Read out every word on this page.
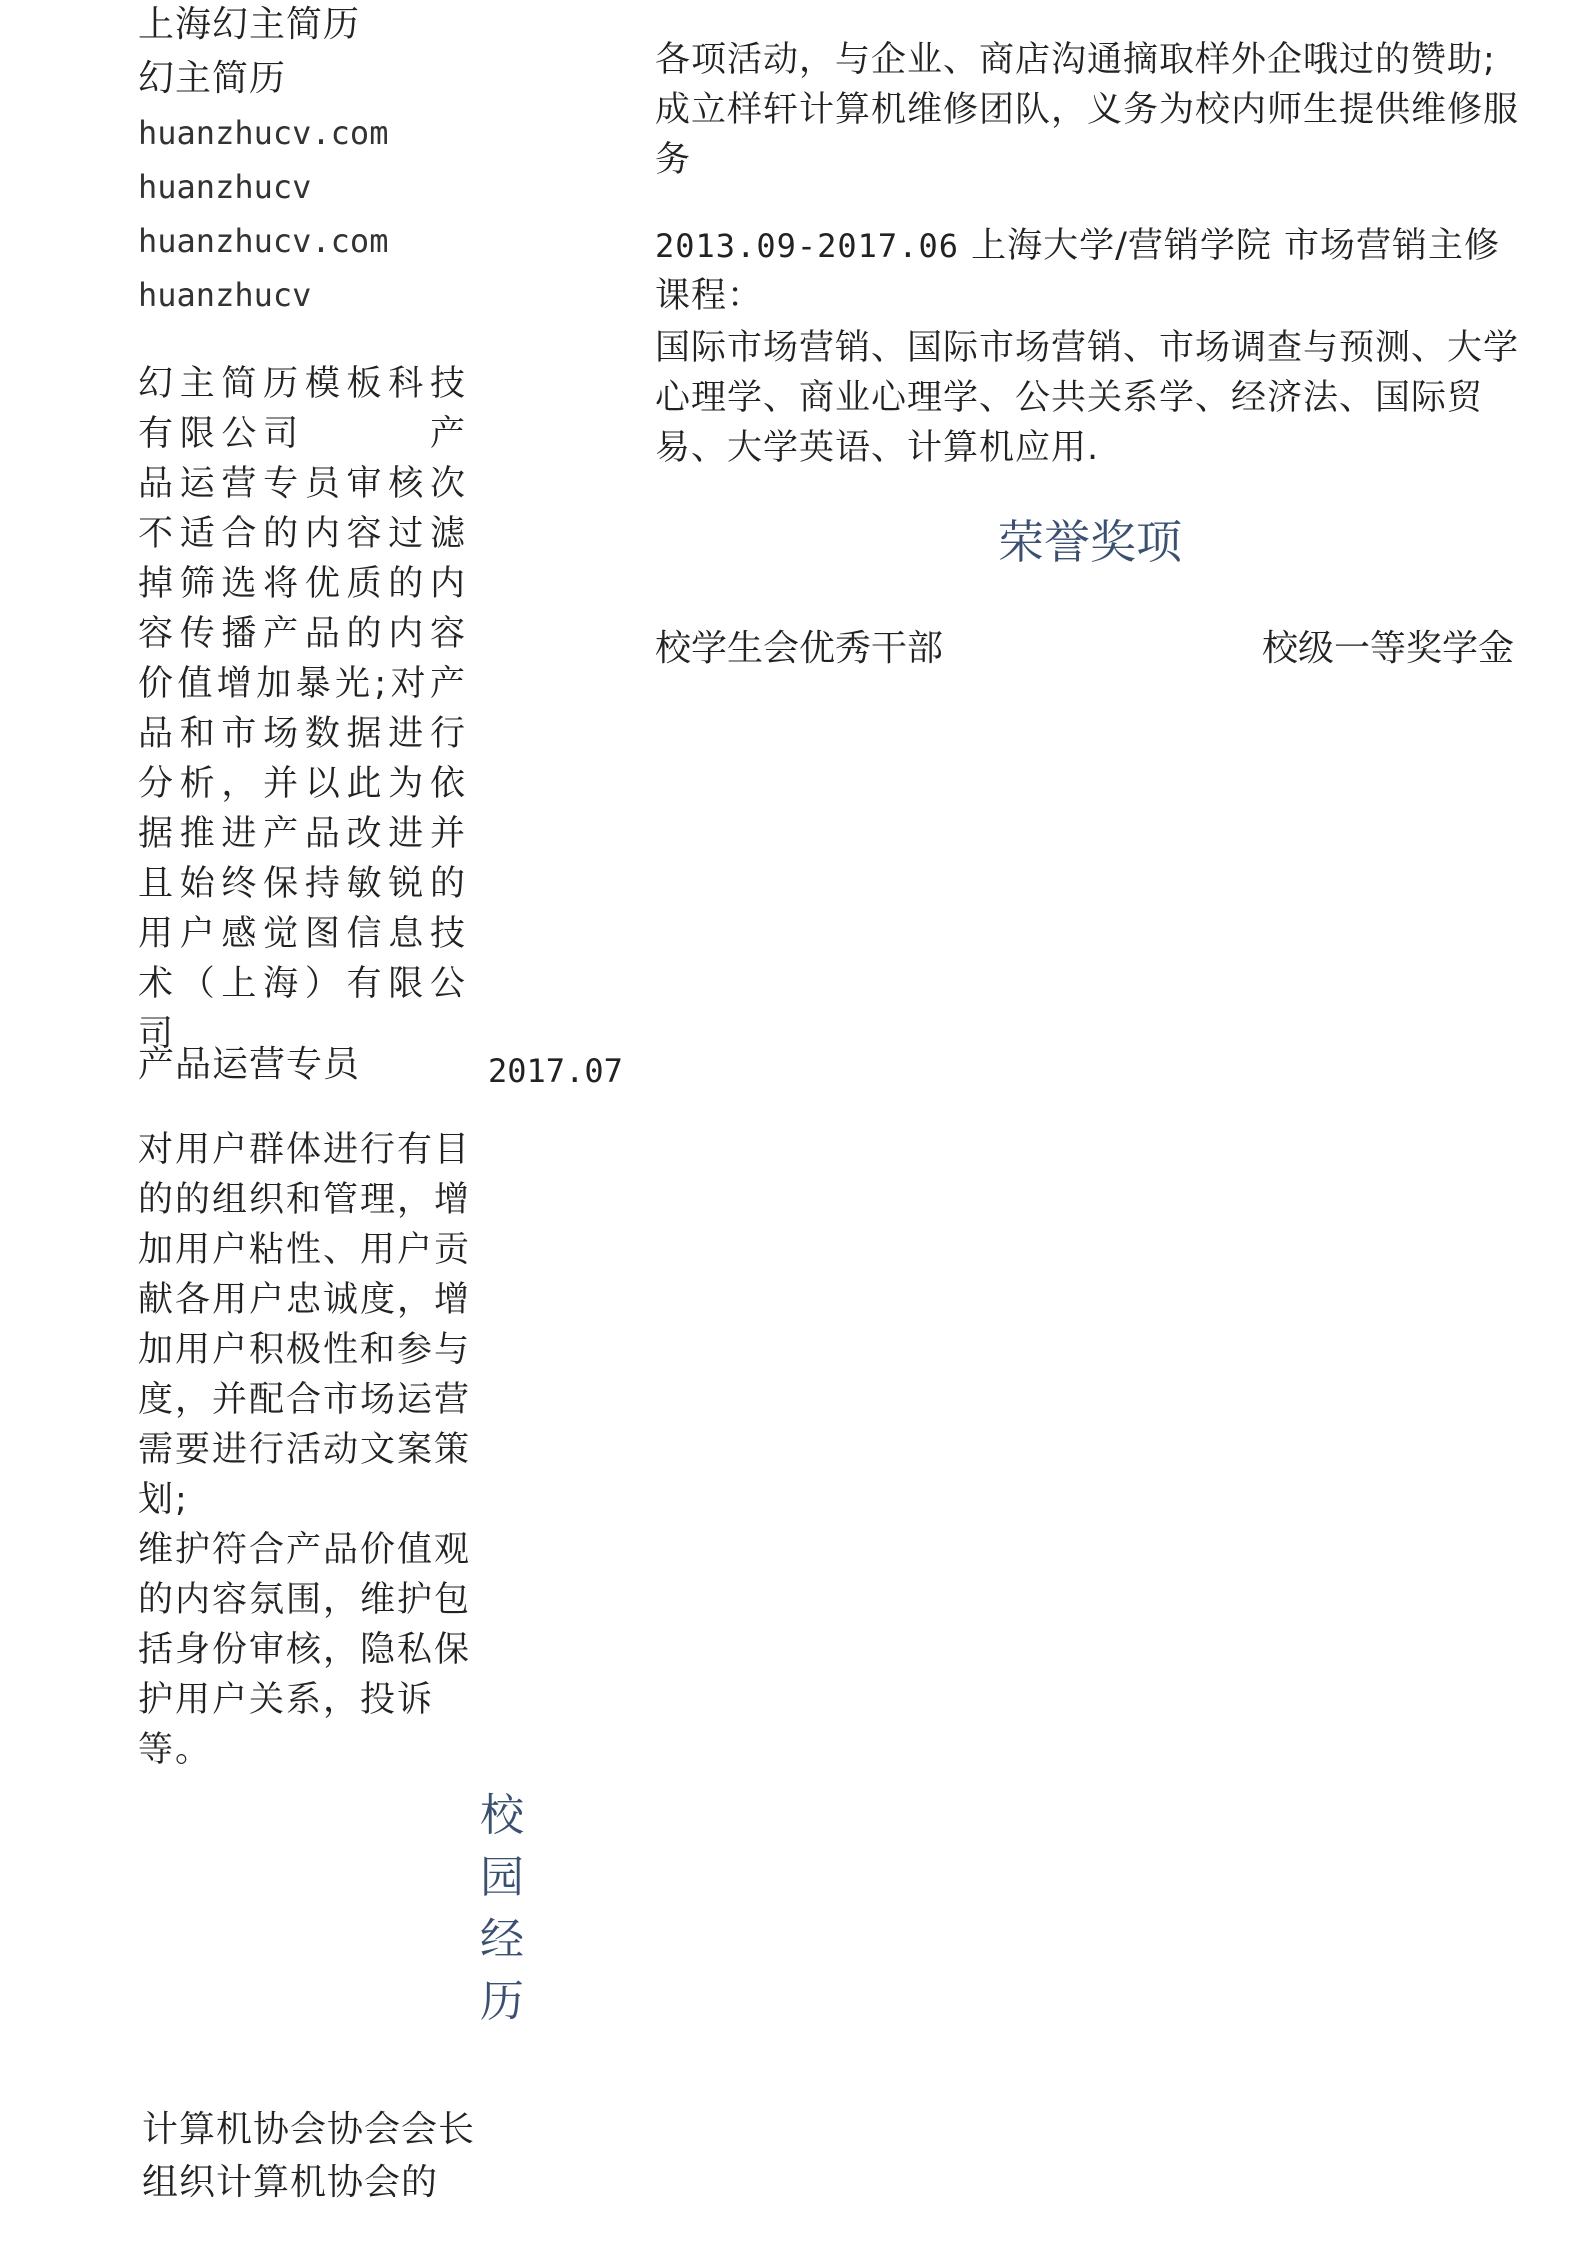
上海幻主简历
幻主简历
huanzhucv.com
huanzhucv
huanzhucv.com
huanzhucv

幻主简历模板科技有限公司　　　产品运营专员审核次不适合的内容过滤掉筛选将优质的内容传播产品的内容价值增加暴光;对产品和市场数据进行分析，并以此为依据推进产品改进并且始终保持敏锐的用户感觉图信息技术（上海）有限公司

产品运营专员	2017.07

对用户群体进行有目的的组织和管理，增加用户粘性、用户贡献各用户忠诚度，增加用户积极性和参与度，并配合市场运营需要进行活动文案策划;

维护符合产品价值观的内容氛围，维护包括身份审核，隐私保护用户关系，投诉等。

校园经历
计算机协会协会会长
组织计算机协会的

各项活动，与企业、商店沟通摘取样外企哦过的赞助;成立样轩计算机维修团队，义务为校内师生提供维修服务

2013.09-2017.06 上海大学/营销学院 市场营销主修课程：

国际市场营销、国际市场营销、市场调查与预测、大学心理学、商业心理学、公共关系学、经济法、国际贸易、大学英语、计算机应用.

荣誉奖项
校学生会优秀干部	校级一等奖学金
